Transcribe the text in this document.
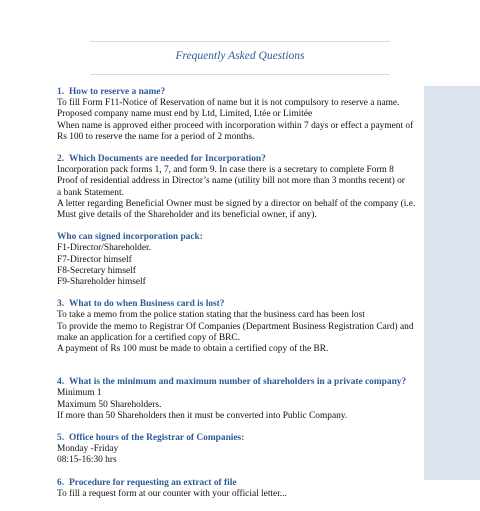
Frequently Asked Questions
1. How to reserve a name?
To fill Form F11-Notice of Reservation of name but it is not compulsory to reserve a name.
Proposed company name must end by Ltd, Limited, Ltée or Limitée
When name is approved either proceed with incorporation within 7 days or effect a payment of
Rs 100 to reserve the name for a period of 2 months.
2. Which Documents are needed for Incorporation?
Incorporation pack forms 1, 7, and form 9. In case there is a secretary to complete Form 8
Proof of residential address in Director’s name (utility bill not more than 3 months recent) or
a bank Statement.
A letter regarding Beneficial Owner must be signed by a director on behalf of the company (i.e.
Must give details of the Shareholder and its beneficial owner, if any).
Who can signed incorporation pack:
F1-Director/Shareholder.
F7-Director himself
F8-Secretary himself
F9-Shareholder himself
3. What to do when Business card is lost?
To take a memo from the police station stating that the business card has been lost
To provide the memo to Registrar Of Companies (Department Business Registration Card) and
make an application for a certified copy of BRC.
A payment of Rs 100 must be made to obtain a certified copy of the BR.
4. What is the minimum and maximum number of shareholders in a private company?
Minimum 1
Maximum 50 Shareholders.
If more than 50 Shareholders then it must be converted into Public Company.
5. Office hours of the Registrar of Companies:
Monday -Friday
08:15-16:30 hrs
6. Procedure for requesting an extract of file
To fill a request form at our counter with your official letter...
